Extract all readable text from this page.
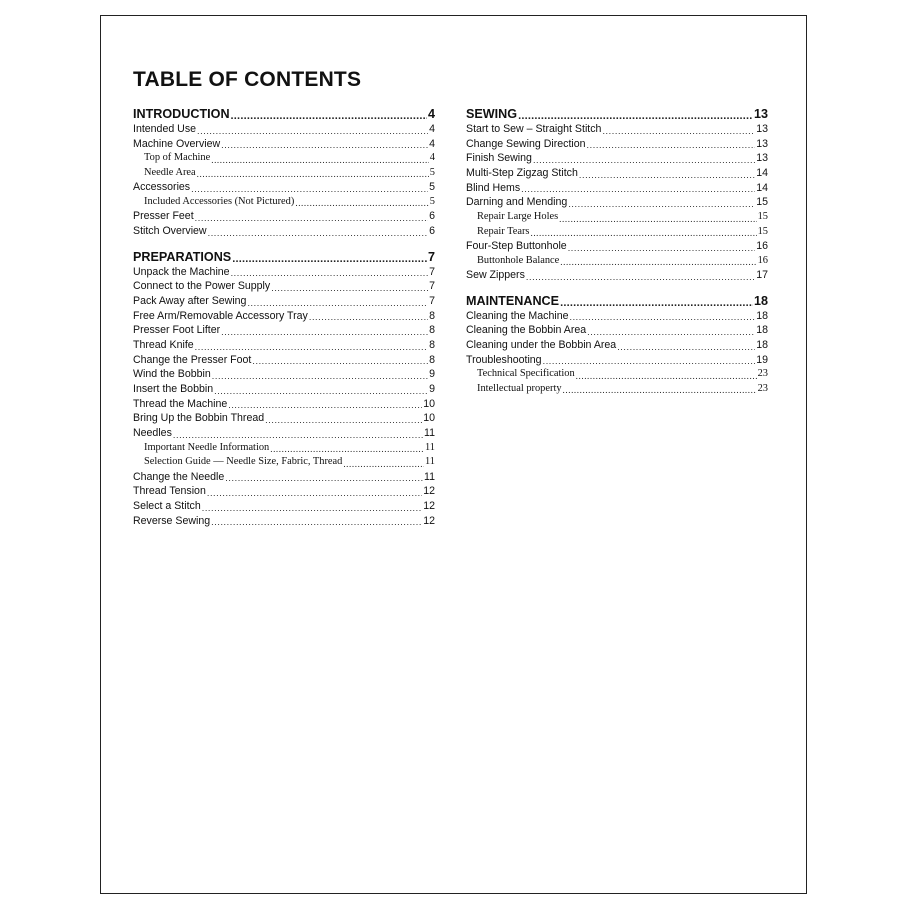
TABLE OF CONTENTS
INTRODUCTION .....	4
Intended Use .....	4
Machine Overview .....	4
Top of Machine .....	4
Needle Area .....	5
Accessories .....	5
Included Accessories (Not Pictured) .....	5
Presser Feet .....	6
Stitch Overview .....	6
PREPARATIONS .....	7
Unpack the Machine .....	7
Connect to the Power Supply .....	7
Pack Away after Sewing .....	7
Free Arm/Removable Accessory Tray .....	8
Presser Foot Lifter .....	8
Thread Knife .....	8
Change the Presser Foot .....	8
Wind the Bobbin .....	9
Insert the Bobbin .....	9
Thread the Machine .....	10
Bring Up the Bobbin Thread .....	10
Needles .....	11
Important Needle Information .....	11
Selection Guide — Needle Size, Fabric, Thread .....	11
Change the Needle .....	11
Thread Tension .....	12
Select a Stitch .....	12
Reverse Sewing .....	12
SEWING .....	13
Start to Sew – Straight Stitch .....	13
Change Sewing Direction .....	13
Finish Sewing .....	13
Multi-Step Zigzag Stitch .....	14
Blind Hems .....	14
Darning and Mending .....	15
Repair Large Holes .....	15
Repair Tears .....	15
Four-Step Buttonhole .....	16
Buttonhole Balance .....	16
Sew Zippers .....	17
MAINTENANCE .....	18
Cleaning the Machine .....	18
Cleaning the Bobbin Area .....	18
Cleaning under the Bobbin Area .....	18
Troubleshooting .....	19
Technical Specification .....	23
Intellectual property .....	23
